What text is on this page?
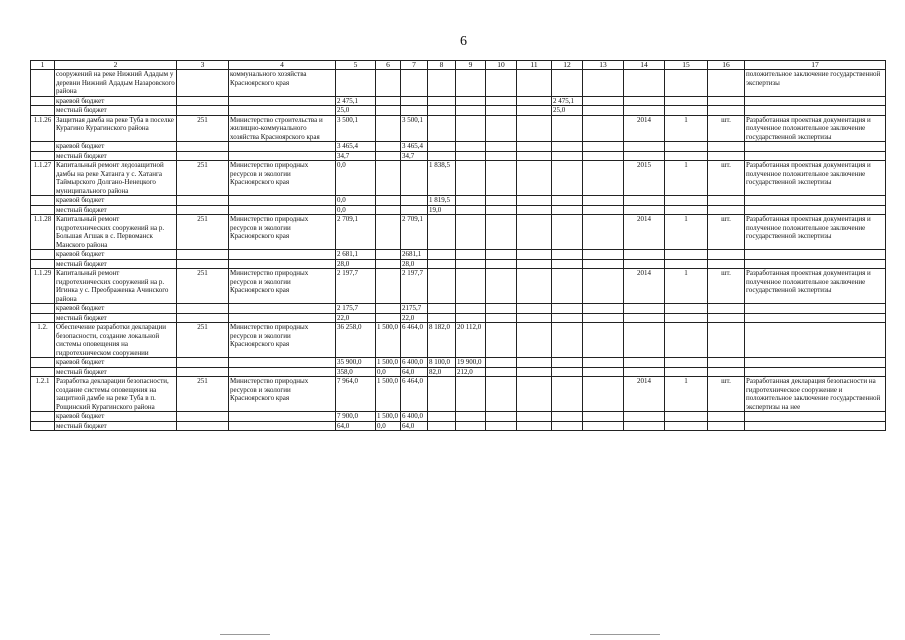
6
1	2	3	4	5	6	7	8	9	10	11	12	13	14	15	16	17
	сооружений на реке Нижний Ададым у деревни Нижний Ададым Назаровского района		коммунального хозяйства Красноярского края													положительное заключение государственной экспертизы
	краевой бюджет			2 475,1							2 475,1					
	местный бюджет			25,0							25,0					
1.1.26	Защитная дамба на реке Туба в поселке Курагино Курагинского района	251	Министерство строительства и жилищно-коммунального хозяйства Красноярского края	3 500,1		3 500,1							2014	1	шт.	Разработанная проектная документация и полученное положительное заключение государственной экспертизы
	краевой бюджет			3 465,4		3 465,4										
	местный бюджет			34,7		34,7										
1.1.27	Капитальный ремонт ледозащитной дамбы на реке Хатанга у с. Хатанга Таймырского Долгано-Ненецкого муниципального района	251	Министерство природных ресурсов и экологии Красноярского края	0,0			1 838,5						2015	1	шт.	Разработанная проектная документация и полученное положительное заключение государственной экспертизы
	краевой бюджет			0,0			1 819,5									
	местный бюджет			0,0			19,0									
1.1.28	Капитальный ремонт гидротехнических сооружений на р. Большая Агшак в с. Первоманск Манского района	251	Министерство природных ресурсов и экологии Красноярского края	2 709,1		2 709,1							2014	1	шт.	Разработанная проектная документация и полученное положительное заключение государственной экспертизы
	краевой бюджет			2 681,1		2681,1										
	местный бюджет			28,0		28,0										
1.1.29	Капитальный ремонт гидротехнических сооружений на р. Игинка у с. Преображенка Ачинского района	251	Министерство природных ресурсов и экологии Красноярского края	2 197,7		2 197,7							2014	1	шт.	Разработанная проектная документация и полученное положительное заключение государственной экспертизы
	краевой бюджет			2 175,7		2175,7										
	местный бюджет			22,0		22,0										
1.2.	Обеспечение разработки декларации безопасности, создание локальной системы оповещения на гидротехническом сооружении	251	Министерство природных ресурсов и экологии Красноярского края	36 258,0	1 500,0	6 464,0	8 182,0	20 112,0								
	краевой бюджет			35 900,0	1 500,0	6 400,0	8 100,0	19 900,0								
	местный бюджет			358,0	0,0	64,0	82,0	212,0								
1.2.1	Разработка декларации безопасности, создание системы оповещения на защитной дамбе на реке Туба в п. Рощинский Курагинского района	251	Министерство природных ресурсов и экологии Красноярского края	7 964,0	1 500,0	6 464,0							2014	1	шт.	Разработанная декларация безопасности на гидротехническое сооружение и положительное заключение государственной экспертизы на нее
	краевой бюджет			7 900,0	1 500,0	6 400,0										
	местный бюджет			64,0	0,0	64,0										
